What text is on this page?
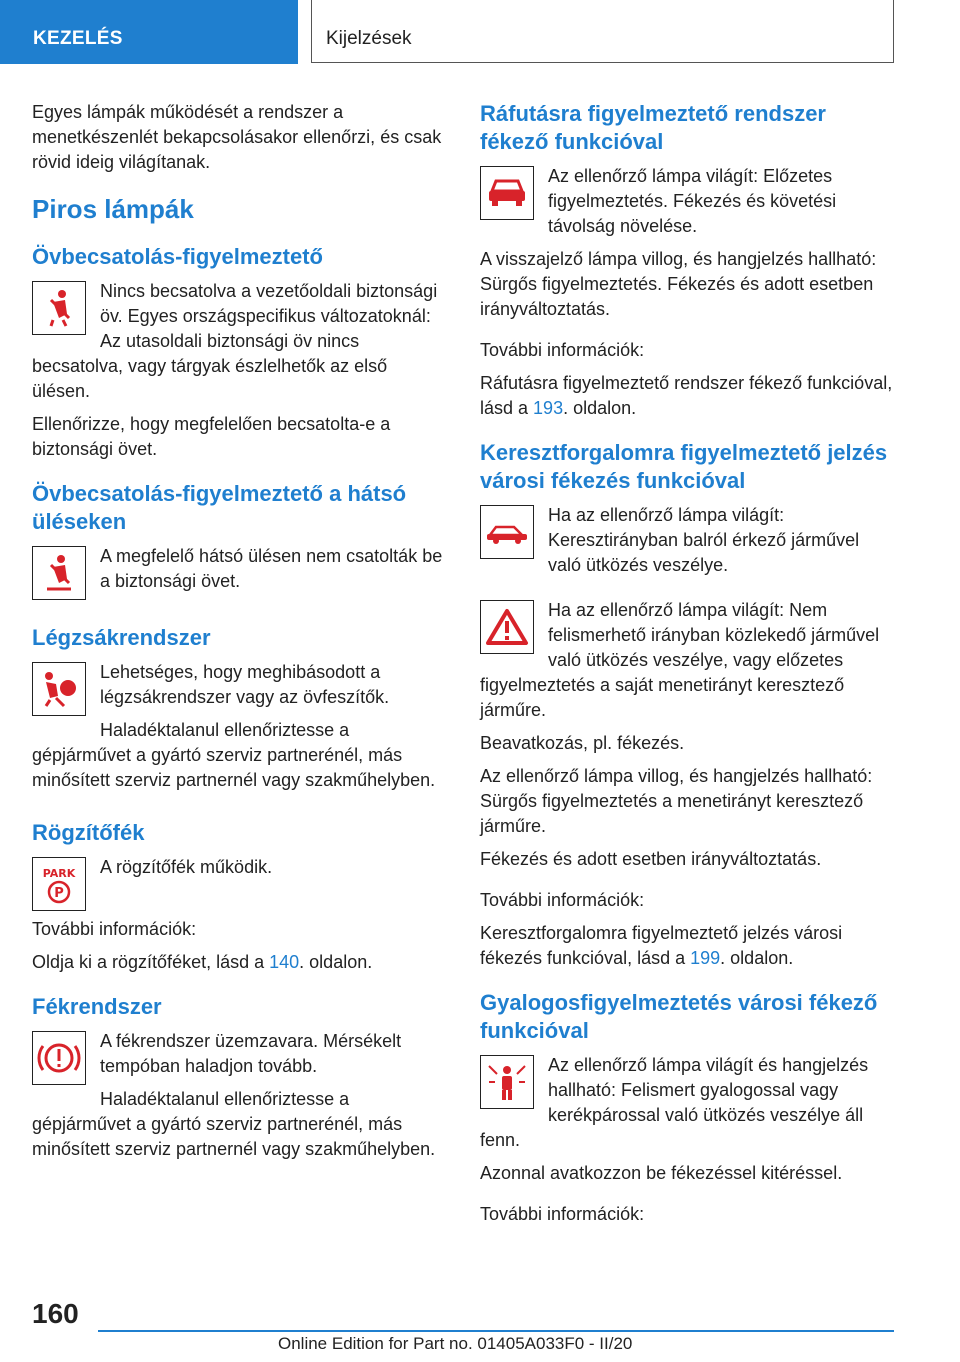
KEZELÉS	Kijelzések

Egyes lámpák működését a rendszer a menetkészenlét bekapcsolásakor ellenőrzi, és csak rövid ideig világítanak.

Piros lámpák
Övbecsatolás-figyelmeztető

Nincs becsatolva a vezetőoldali biztonsági öv. Egyes országspecifikus változatoknál: Az utasoldali biztonsági öv nincs becsatolva, vagy tárgyak észlelhetők az első ülésen.

Ellenőrizze, hogy megfelelően becsatolta-e a biztonsági övet.

Övbecsatolás-figyelmeztető a hátsó üléseken

A megfelelő hátsó ülésen nem csatolták be a biztonsági övet.

Légzsákrendszer

Lehetséges, hogy meghibásodott a légzsákrendszer vagy az övfeszítők.

Haladéktalanul ellenőriztesse a gépjárművet a gyártó szerviz partnerénél, más minősített szerviz partnernél vagy szakműhelyben.

Rögzítőfék
PARK
P

A rögzítőfék működik.

További információk:

Oldja ki a rögzítőféket, lásd a 140. oldalon.

Fékrendszer

A fékrendszer üzemzavara. Mérsékelt tempóban haladjon tovább.

Haladéktalanul ellenőriztesse a gépjárművet a gyártó szerviz partnerénél, más minősített szerviz partnernél vagy szakműhelyben.

Ráfutásra figyelmeztető rendszer fékező funkcióval

Az ellenőrző lámpa világít: Előzetes figyelmeztetés. Fékezés és követési távolság növelése.

A visszajelző lámpa villog, és hangjelzés hallható: Sürgős figyelmeztetés. Fékezés és adott esetben irányváltoztatás.

További információk:

Ráfutásra figyelmeztető rendszer fékező funkcióval, lásd a 193. oldalon.

Keresztforgalomra figyelmeztető jelzés városi fékezés funkcióval

Ha az ellenőrző lámpa világít: Keresztirányban balról érkező járművel való ütközés veszélye.

Ha az ellenőrző lámpa világít: Nem felismerhető irányban közlekedő járművel való ütközés veszélye, vagy előzetes figyelmeztetés a saját menetirányt keresztező járműre.

Beavatkozás, pl. fékezés.

Az ellenőrző lámpa villog, és hangjelzés hallható: Sürgős figyelmeztetés a menetirányt keresztező járműre.

Fékezés és adott esetben irányváltoztatás.

További információk:

Keresztforgalomra figyelmeztető jelzés városi fékezés funkcióval, lásd a 199. oldalon.

Gyalogosfigyelmeztetés városi fékező funkcióval

Az ellenőrző lámpa világít és hangjelzés hallható: Felismert gyalogossal vagy kerékpárossal való ütközés veszélye áll fenn.

Azonnal avatkozzon be fékezéssel kitéréssel.

További információk:

160
Online Edition for Part no. 01405A033F0 - II/20
